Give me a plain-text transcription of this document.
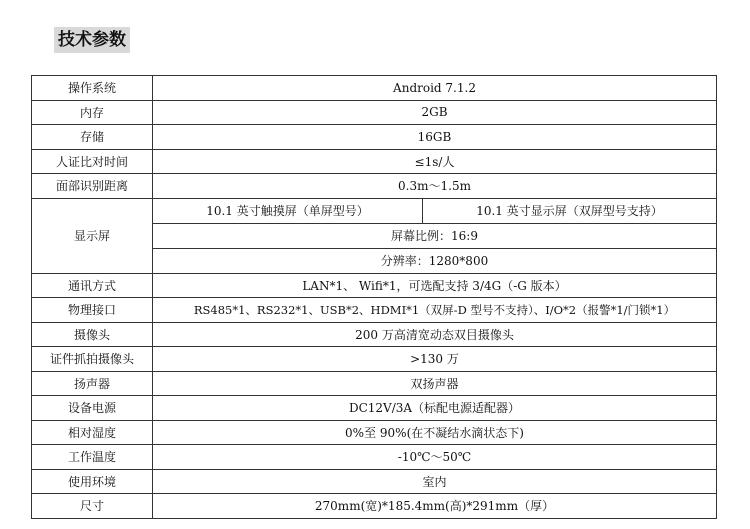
技术参数
操作系统	Android 7.1.2	
内存	2GB	
存储	16GB	
人证比对时间	≤1s/人	
面部识别距离	0.3m～1.5m	
显示屏	10.1 英寸触摸屏（单屏型号）	10.1 英寸显示屏（双屏型号支持）
	屏幕比例：16:9	
	分辨率：1280*800	
通讯方式	LAN*1、 Wifi*1，可选配支持 3/4G（-G 版本）	
物理接口	RS485*1、RS232*1、USB*2、HDMI*1（双屏-D 型号不支持）、I/O*2（报警*1/门锁*1）	
摄像头	200 万高清宽动态双目摄像头	
证件抓拍摄像头	>130 万	
扬声器	双扬声器	
设备电源	DC12V/3A（标配电源适配器）	
相对湿度	0%至 90%(在不凝结水滴状态下)	
工作温度	-10℃～50℃	
使用环境	室内	
尺寸	270mm(宽)*185.4mm(高)*291mm（厚）	
